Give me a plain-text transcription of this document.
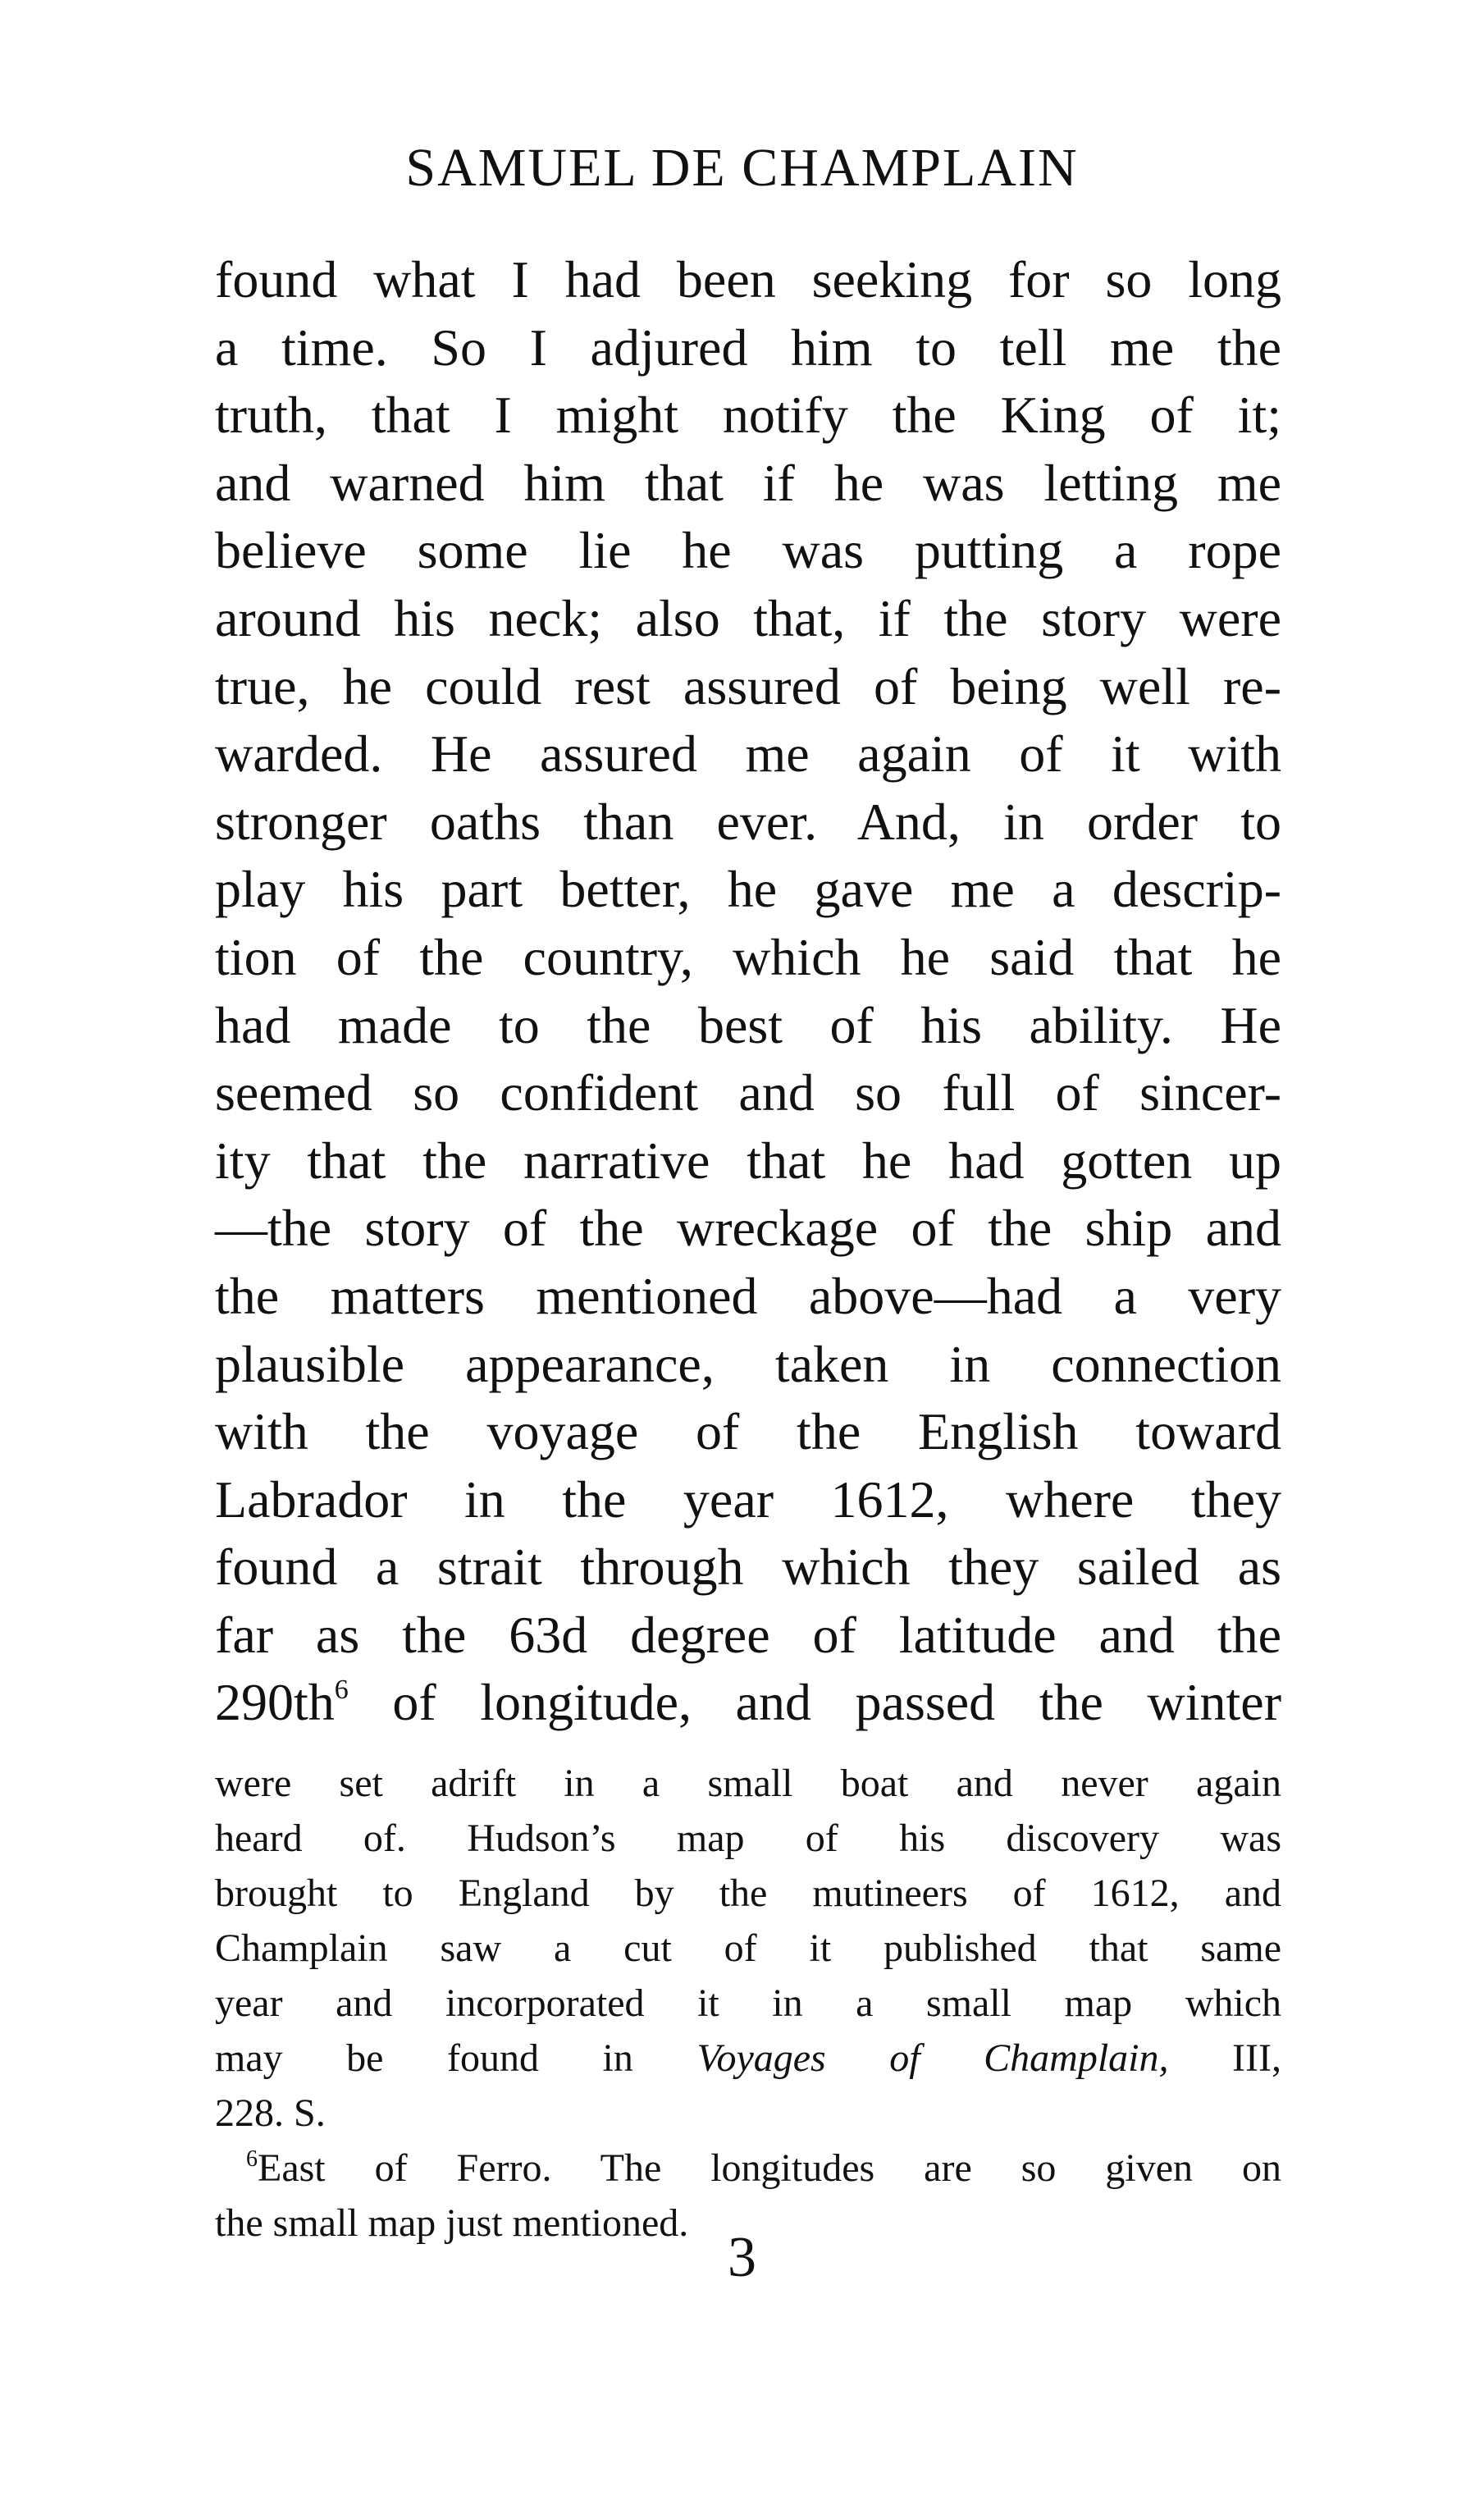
SAMUEL DE CHAMPLAIN
found what I had been seeking for so long
a time. So I adjured him to tell me the
truth, that I might notify the King of it;
and warned him that if he was letting me
believe some lie he was putting a rope
around his neck; also that, if the story were
true, he could rest assured of being well re-
warded. He assured me again of it with
stronger oaths than ever. And, in order to
play his part better, he gave me a descrip-
tion of the country, which he said that he
had made to the best of his ability. He
seemed so confident and so full of sincer-
ity that the narrative that he had gotten up
—the story of the wreckage of the ship and
the matters mentioned above—had a very
plausible appearance, taken in connection
with the voyage of the English toward
Labrador in the year 1612, where they
found a strait through which they sailed as
far as the 63d degree of latitude and the
$290th^6$ of longitude, and passed the winter
were set adrift in a small boat and never again
heard of. Hudson’s map of his discovery was
brought to England by the mutineers of 1612, and
Champlain saw a cut of it published that same
year and incorporated it in a small map which
may be found in Voyages of Champlain, III,
228. S.
$^6$East of Ferro. The longitudes are so given on
the small map just mentioned.
3
